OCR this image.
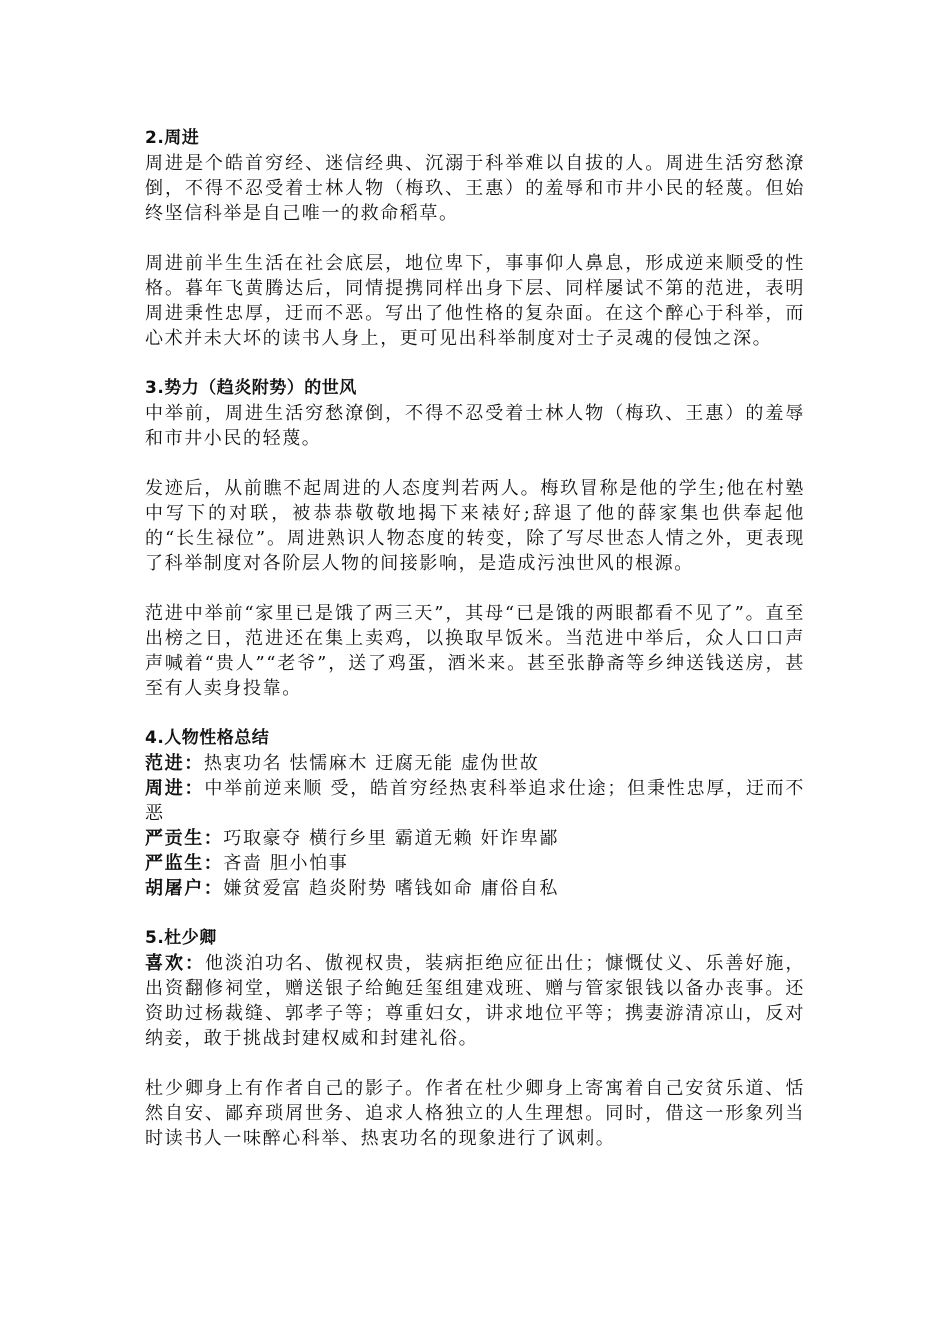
2.周进

周进是个皓首穷经、迷信经典、沉溺于科举难以自拔的人。周进生活穷愁潦倒，不得不忍受着士林人物（梅玖、王惠）的羞辱和市井小民的轻蔑。但始终坚信科举是自己唯一的救命稻草。

周进前半生生活在社会底层，地位卑下，事事仰人鼻息，形成逆来顺受的性格。暮年飞黄腾达后，同情提携同样出身下层、同样屡试不第的范进，表明周进秉性忠厚，迂而不恶。写出了他性格的复杂面。在这个醉心于科举，而心术并未大坏的读书人身上，更可见出科举制度对士子灵魂的侵蚀之深。

3.势力（趋炎附势）的世风

中举前，周进生活穷愁潦倒，不得不忍受着士林人物（梅玖、王惠）的羞辱和市井小民的轻蔑。

发迹后，从前瞧不起周进的人态度判若两人。梅玖冒称是他的学生;他在村塾中写下的对联，被恭恭敬敬地揭下来裱好;辞退了他的薛家集也供奉起他的“长生禄位”。周进熟识人物态度的转变，除了写尽世态人情之外，更表现了科举制度对各阶层人物的间接影响，是造成污浊世风的根源。

范进中举前“家里已是饿了两三天”，其母“已是饿的两眼都看不见了”。直至出榜之日，范进还在集上卖鸡，以换取早饭米。当范进中举后，众人口口声声喊着“贵人”“老爷”，送了鸡蛋，酒米来。甚至张静斋等乡绅送钱送房，甚至有人卖身投靠。

4.人物性格总结

范进：热衷功名 怯懦麻木 迂腐无能 虚伪世故

周进：中举前逆来顺 受，皓首穷经热衷科举追求仕途；但秉性忠厚，迂而不恶

严贡生：巧取豪夺 横行乡里 霸道无赖 奸诈卑鄙

严监生：吝啬 胆小怕事

胡屠户：嫌贫爱富 趋炎附势 嗜钱如命 庸俗自私

5.杜少卿

喜欢：他淡泊功名、傲视权贵，装病拒绝应征出仕；慷慨仗义、乐善好施，出资翻修祠堂，赠送银子给鲍廷玺组建戏班、赠与管家银钱以备办丧事。还资助过杨裁缝、郭孝子等；尊重妇女，讲求地位平等；携妻游清凉山，反对纳妾，敢于挑战封建权威和封建礼俗。

杜少卿身上有作者自己的影子。作者在杜少卿身上寄寓着自己安贫乐道、恬然自安、鄙弃琐屑世务、追求人格独立的人生理想。同时，借这一形象列当时读书人一味醉心科举、热衷功名的现象进行了讽刺。
